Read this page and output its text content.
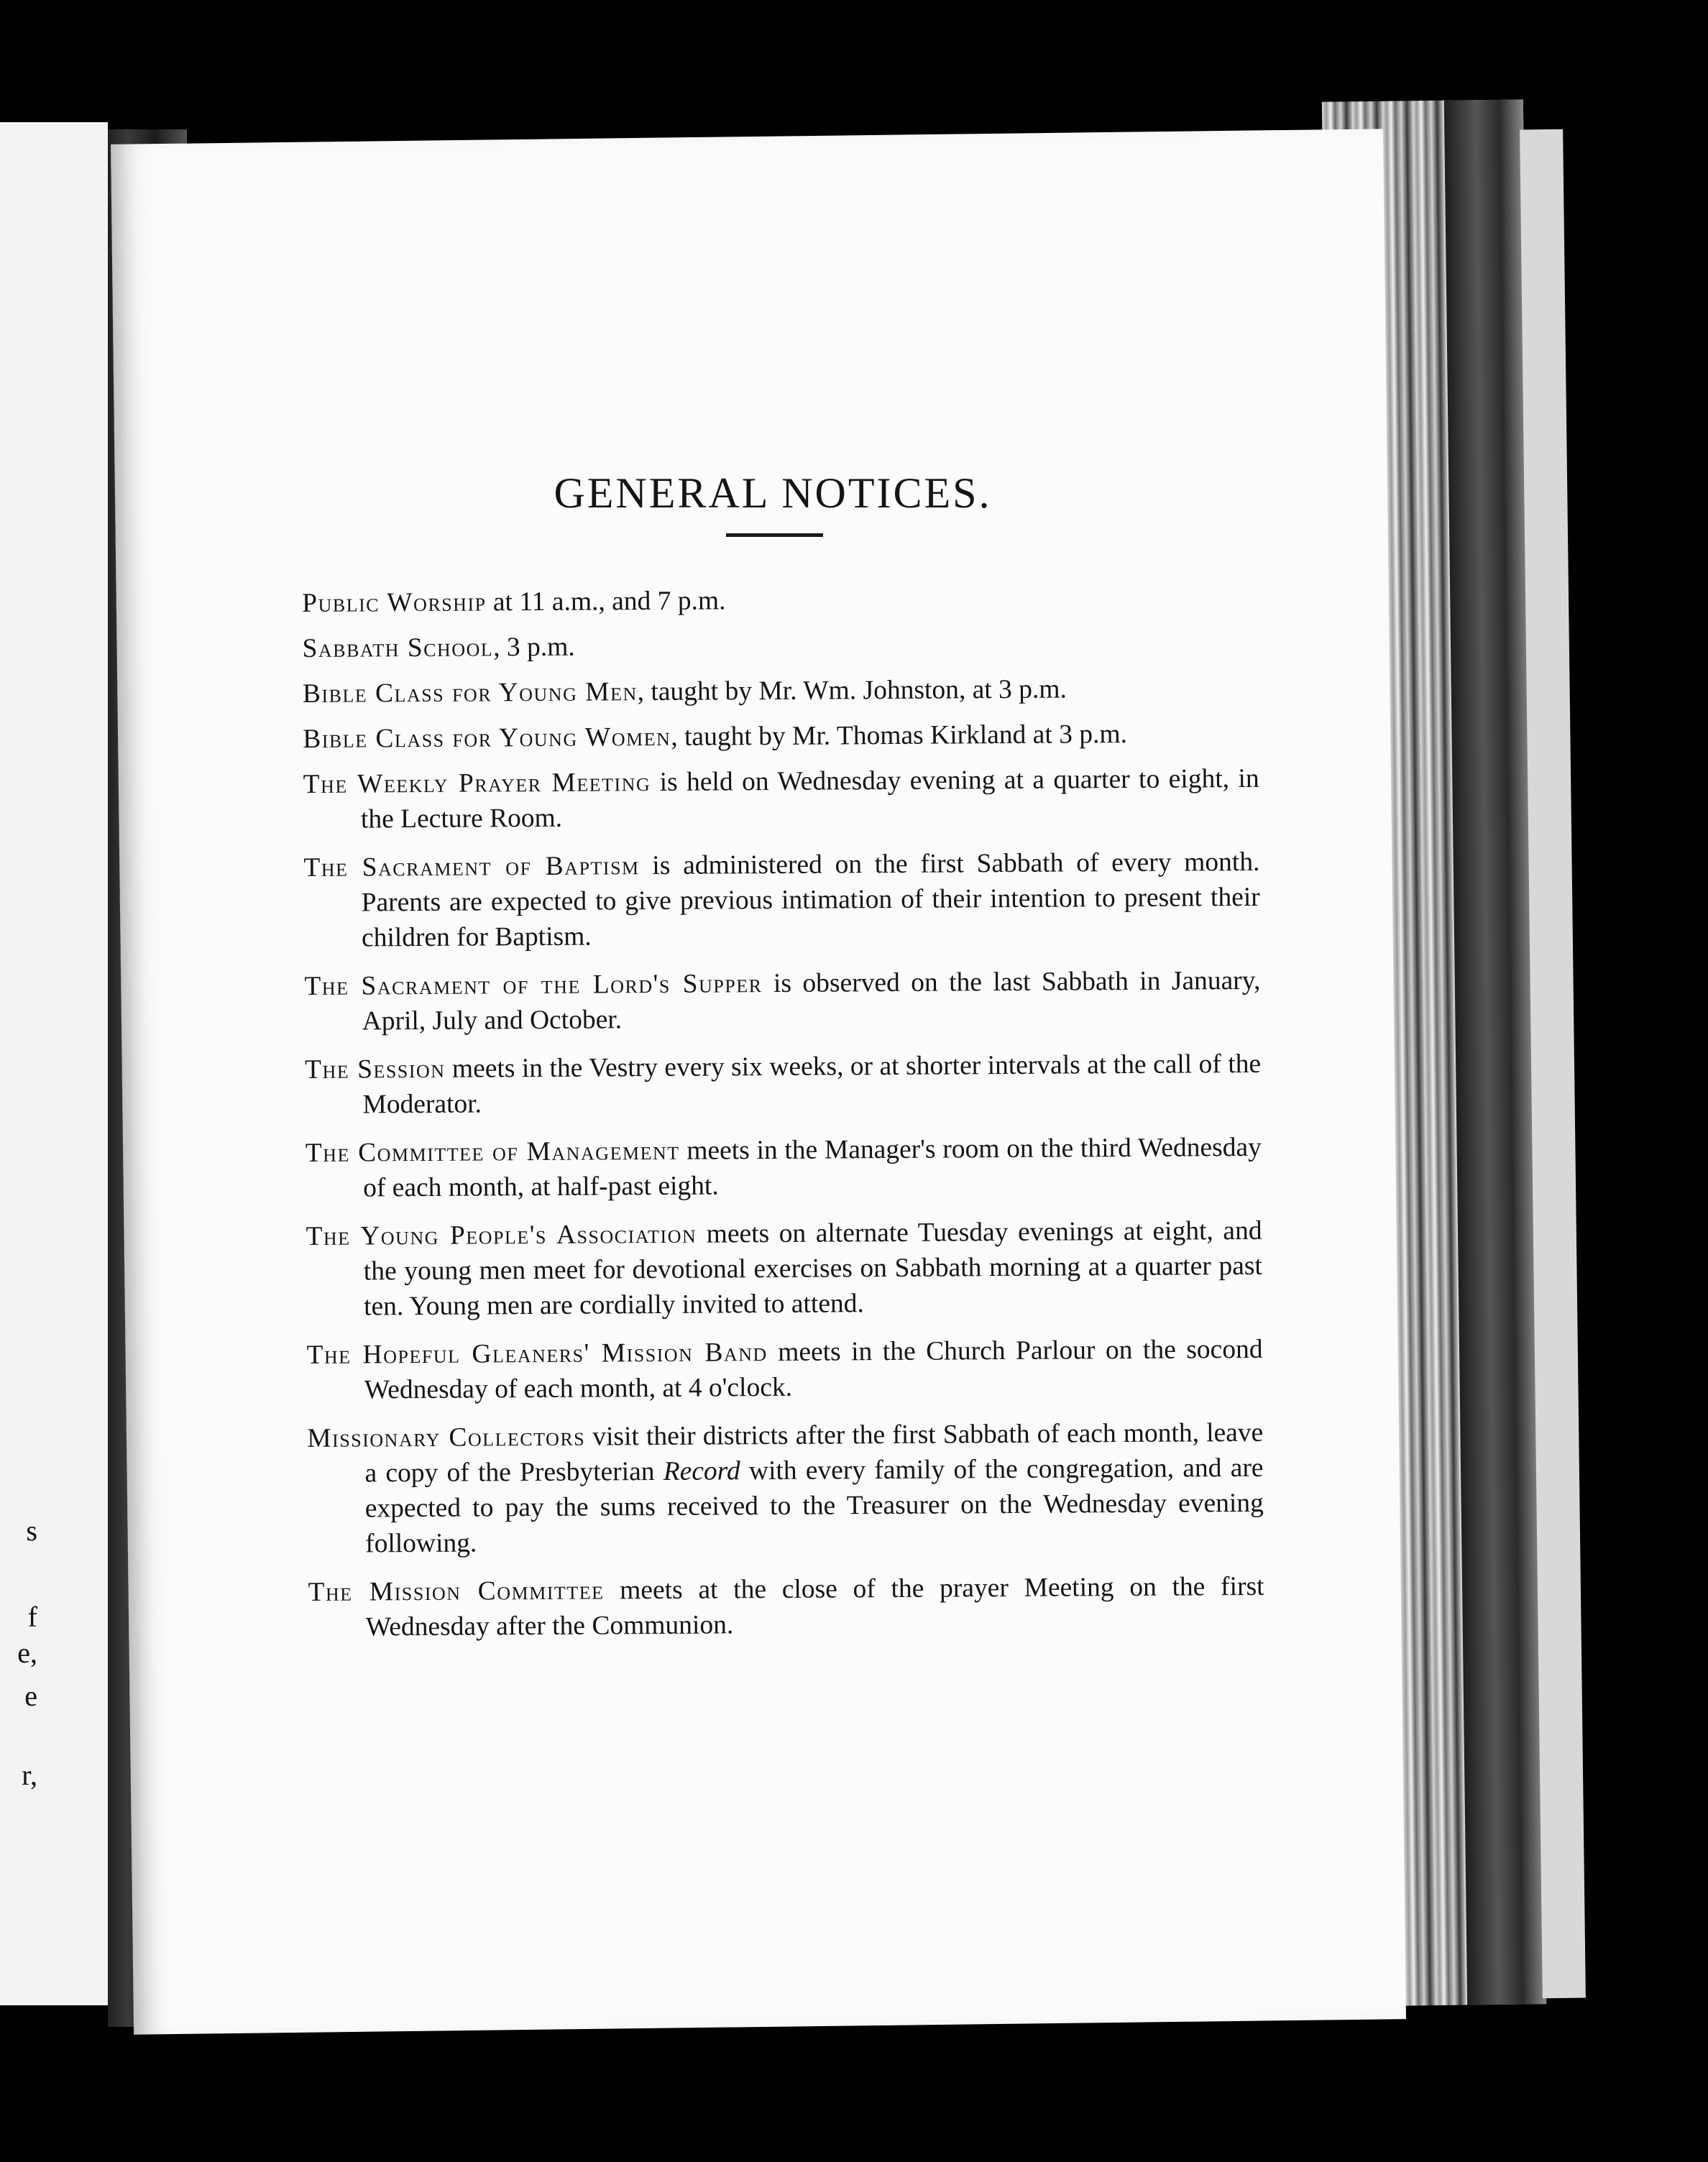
s
f
e,
e
r,
GENERAL NOTICES.

Public Worship at 11 a.m., and 7 p.m.

Sabbath School, 3 p.m.

Bible Class for Young Men, taught by Mr. Wm. Johnston, at 3 p.m.

Bible Class for Young Women, taught by Mr. Thomas Kirkland at 3 p.m.

The Weekly Prayer Meeting is held on Wednesday evening at a quarter to eight, in the Lecture Room.

The Sacrament of Baptism is administered on the first Sabbath of every month. Parents are expected to give previous intimation of their intention to present their children for Baptism.

The Sacrament of the Lord's Supper is observed on the last Sabbath in January, April, July and October.

The Session meets in the Vestry every six weeks, or at shorter intervals at the call of the Moderator.

The Committee of Management meets in the Manager's room on the third Wednesday of each month, at half-past eight.

The Young People's Association meets on alternate Tuesday evenings at eight, and the young men meet for devotional exercises on Sabbath morning at a quarter past ten. Young men are cordially invited to attend.

The Hopeful Gleaners' Mission Band meets in the Church Parlour on the socond Wednesday of each month, at 4 o'clock.

Missionary Collectors visit their districts after the first Sabbath of each month, leave a copy of the Presbyterian Record with every family of the congregation, and are expected to pay the sums received to the Treasurer on the Wednesday evening following.

The Mission Committee meets at the close of the prayer Meeting on the first Wednesday after the Communion.
